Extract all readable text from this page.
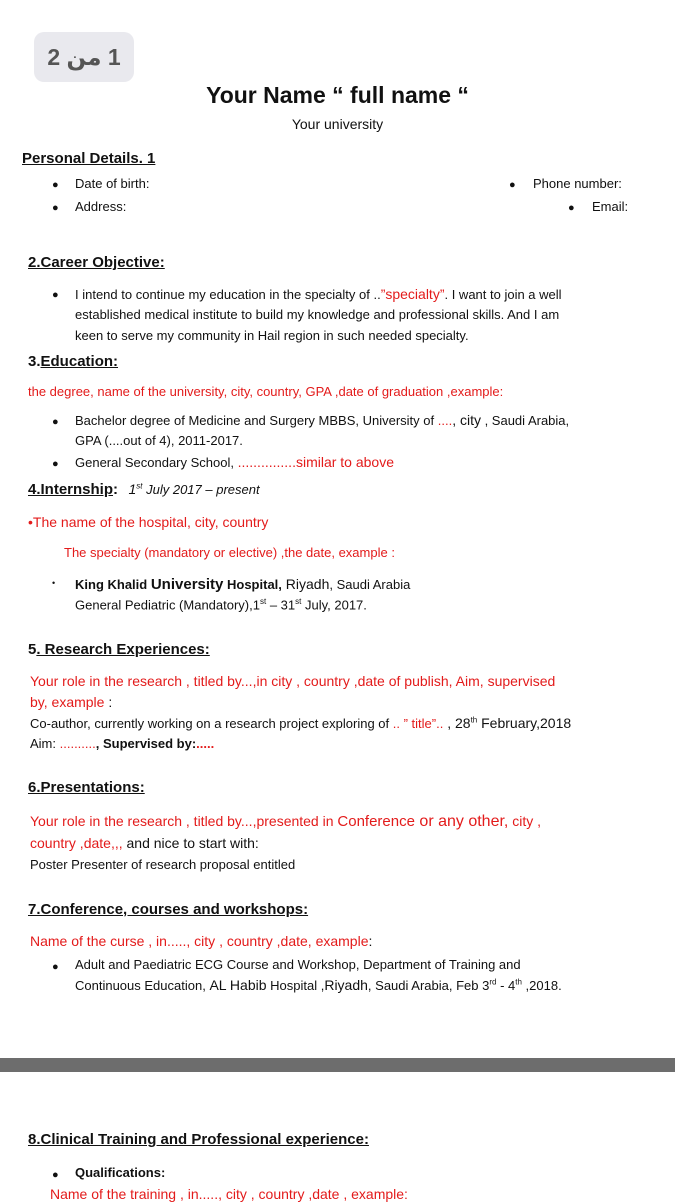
1 من 2
Your Name “ full name “
Your university
Personal Details. 1
● Date of birth:	● Phone number:
● Address:	● Email:
2.Career Objective:
● I intend to continue my education in the specialty of ..”specialty”. I want to join a well
established medical institute to build my knowledge and professional skills. And I am
keen to serve my community in Hail region in such needed specialty.
3.Education:
the degree, name of the university, city, country, GPA ,date of graduation ,example:
● Bachelor degree of Medicine and Surgery MBBS, University of ...., city , Saudi Arabia,
GPA (....out of 4), 2011-2017.
● General Secondary School, ...............similar to above
4.Internship: 1st July 2017 – present
•The name of the hospital, city, country
The specialty (mandatory or elective) ,the date, example :
• King Khalid University Hospital, Riyadh, Saudi Arabia
General Pediatric (Mandatory),1st – 31st July, 2017.
5. Research Experiences:
Your role in the research , titled by...,in city , country ,date of publish, Aim, supervised
by, example :
Co-author, currently working on a research project exploring of .. ” title”.. , 28th February,2018
Aim: .........., Supervised by:.....
6.Presentations:
Your role in the research , titled by...,presented in Conference or any other, city ,
country ,date,,, and nice to start with:
Poster Presenter of research proposal entitled
7.Conference, courses and workshops:
Name of the curse , in....., city , country ,date, example:
● Adult and Paediatric ECG Course and Workshop, Department of Training and
Continuous Education, AL Habib Hospital ,Riyadh, Saudi Arabia, Feb 3rd - 4th ,2018.
8.Clinical Training and Professional experience:
● Qualifications:
Name of the training , in....., city , country ,date , example:
